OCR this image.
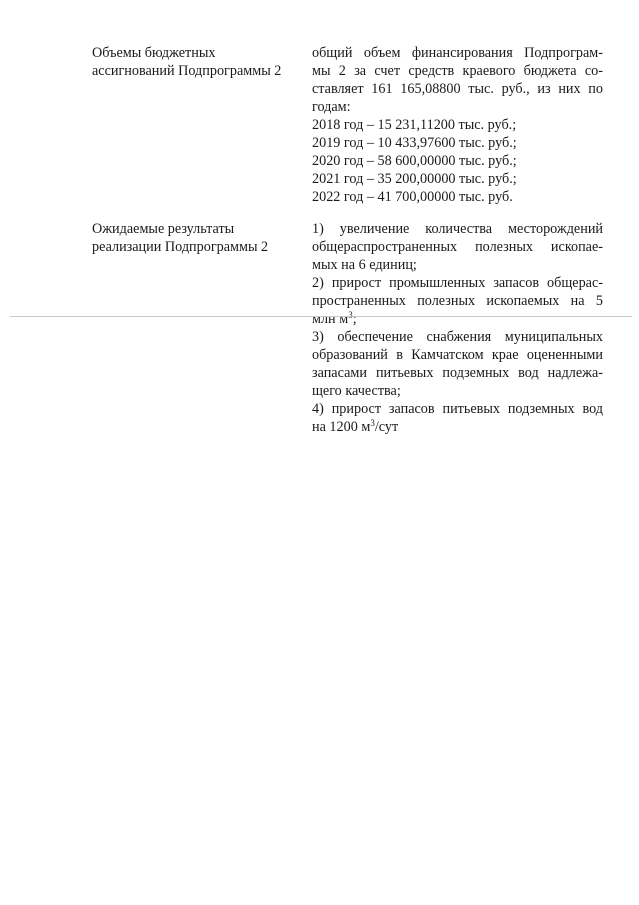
Объемы бюджетных
ассигнований Подпрограммы 2
общий объем финансирования Подпрограм-
мы 2 за счет средств краевого бюджета со-
ставляет 161 165,08800 тыс. руб., из них по
годам:
2018 год – 15 231,11200 тыс. руб.;
2019 год – 10 433,97600 тыс. руб.;
2020 год – 58 600,00000 тыс. руб.;
2021 год – 35 200,00000 тыс. руб.;
2022 год – 41 700,00000 тыс. руб.
Ожидаемые результаты
реализации Подпрограммы 2
1) увеличение количества месторождений
общераспространенных полезных ископае-
мых на 6 единиц;
2) прирост промышленных запасов общерас-
пространенных полезных ископаемых на 5
млн $м^3$;
3) обеспечение снабжения муниципальных
образований в Камчатском крае оцененными
запасами питьевых подземных вод надлежа-
щего качества;
4) прирост запасов питьевых подземных вод
на 1200 $м^3$/сут
